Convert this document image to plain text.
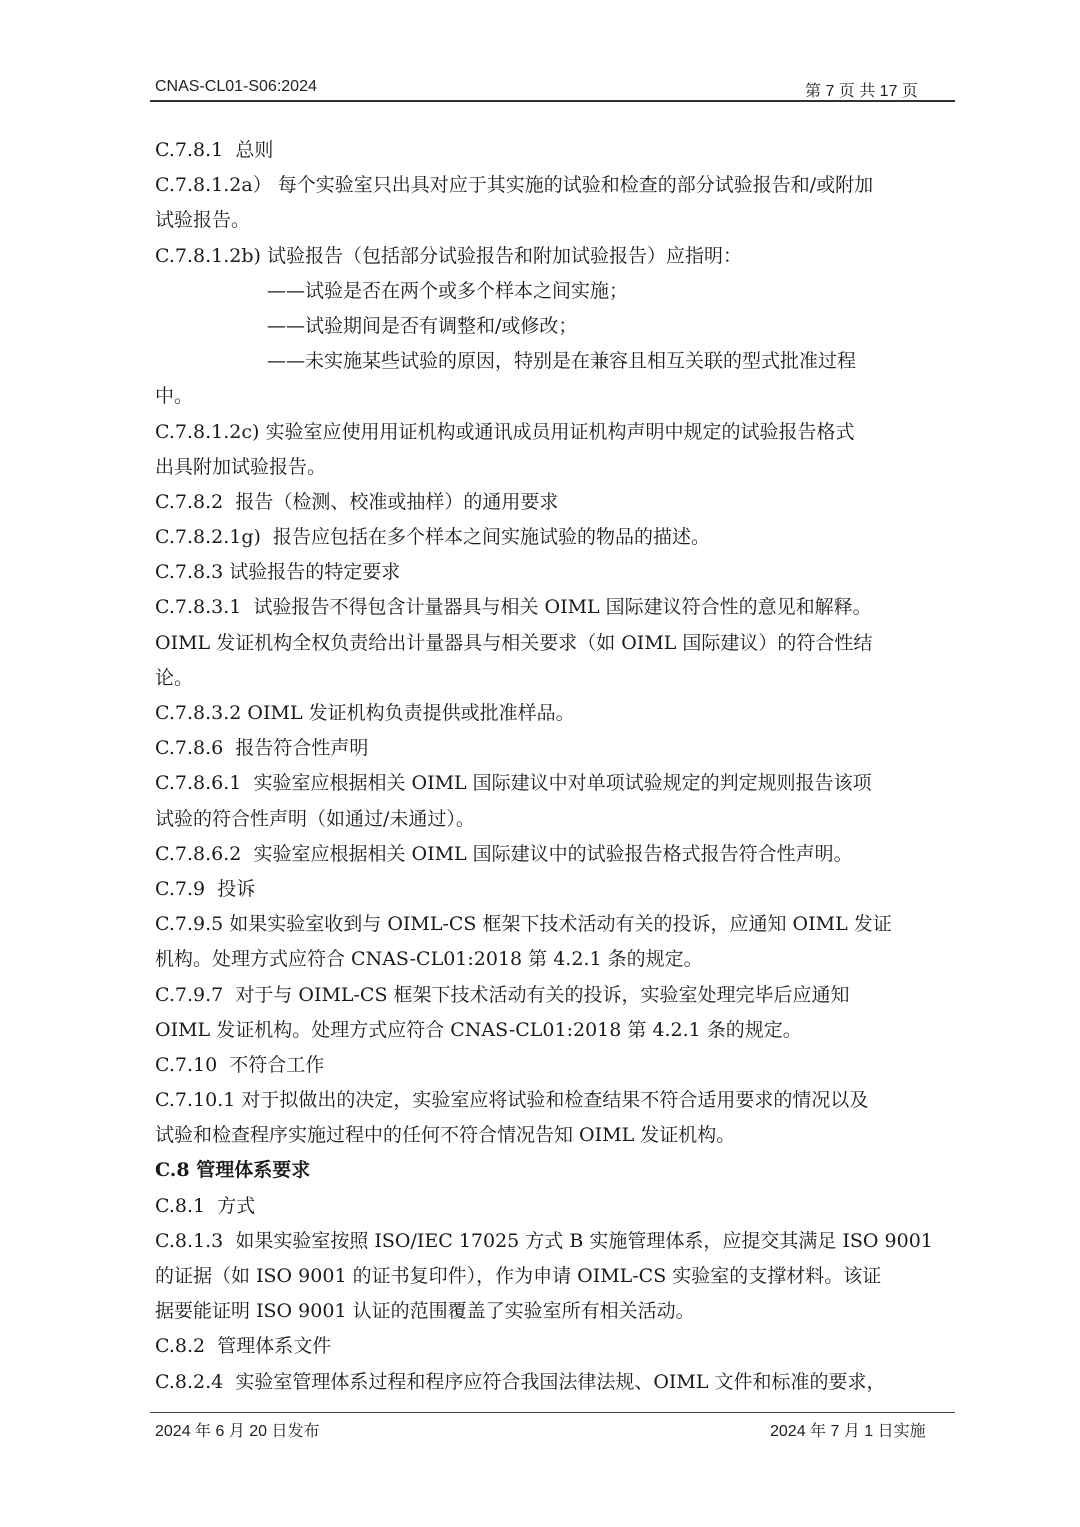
CNAS-CL01-S06:2024	第 7 页 共 17 页
C.7.8.1  总则
C.7.8.1.2a） 每个实验室只出具对应于其实施的试验和检查的部分试验报告和/或附加
试验报告。
C.7.8.1.2b) 试验报告（包括部分试验报告和附加试验报告）应指明：
——试验是否在两个或多个样本之间实施；
——试验期间是否有调整和/或修改；
——未实施某些试验的原因，特别是在兼容且相互关联的型式批准过程
中。
C.7.8.1.2c) 实验室应使用用证机构或通讯成员用证机构声明中规定的试验报告格式
出具附加试验报告。
C.7.8.2  报告（检测、校准或抽样）的通用要求
C.7.8.2.1g)  报告应包括在多个样本之间实施试验的物品的描述。
C.7.8.3 试验报告的特定要求
C.7.8.3.1  试验报告不得包含计量器具与相关 OIML 国际建议符合性的意见和解释。
OIML 发证机构全权负责给出计量器具与相关要求（如 OIML 国际建议）的符合性结
论。
C.7.8.3.2 OIML 发证机构负责提供或批准样品。
C.7.8.6  报告符合性声明
C.7.8.6.1  实验室应根据相关 OIML 国际建议中对单项试验规定的判定规则报告该项
试验的符合性声明（如通过/未通过）。
C.7.8.6.2  实验室应根据相关 OIML 国际建议中的试验报告格式报告符合性声明。
C.7.9  投诉
C.7.9.5 如果实验室收到与 OIML-CS 框架下技术活动有关的投诉，应通知 OIML 发证
机构。处理方式应符合 CNAS-CL01:2018 第 4.2.1 条的规定。
C.7.9.7  对于与 OIML-CS 框架下技术活动有关的投诉，实验室处理完毕后应通知
OIML 发证机构。处理方式应符合 CNAS-CL01:2018 第 4.2.1 条的规定。
C.7.10  不符合工作
C.7.10.1 对于拟做出的决定，实验室应将试验和检查结果不符合适用要求的情况以及
试验和检查程序实施过程中的任何不符合情况告知 OIML 发证机构。
C.8 管理体系要求
C.8.1  方式
C.8.1.3  如果实验室按照 ISO/IEC 17025 方式 B 实施管理体系，应提交其满足 ISO 9001
的证据（如 ISO 9001 的证书复印件），作为申请 OIML-CS 实验室的支撑材料。该证
据要能证明 ISO 9001 认证的范围覆盖了实验室所有相关活动。
C.8.2  管理体系文件
C.8.2.4  实验室管理体系过程和程序应符合我国法律法规、OIML 文件和标准的要求，
2024 年 6 月 20 日发布	2024 年 7 月 1 日实施
